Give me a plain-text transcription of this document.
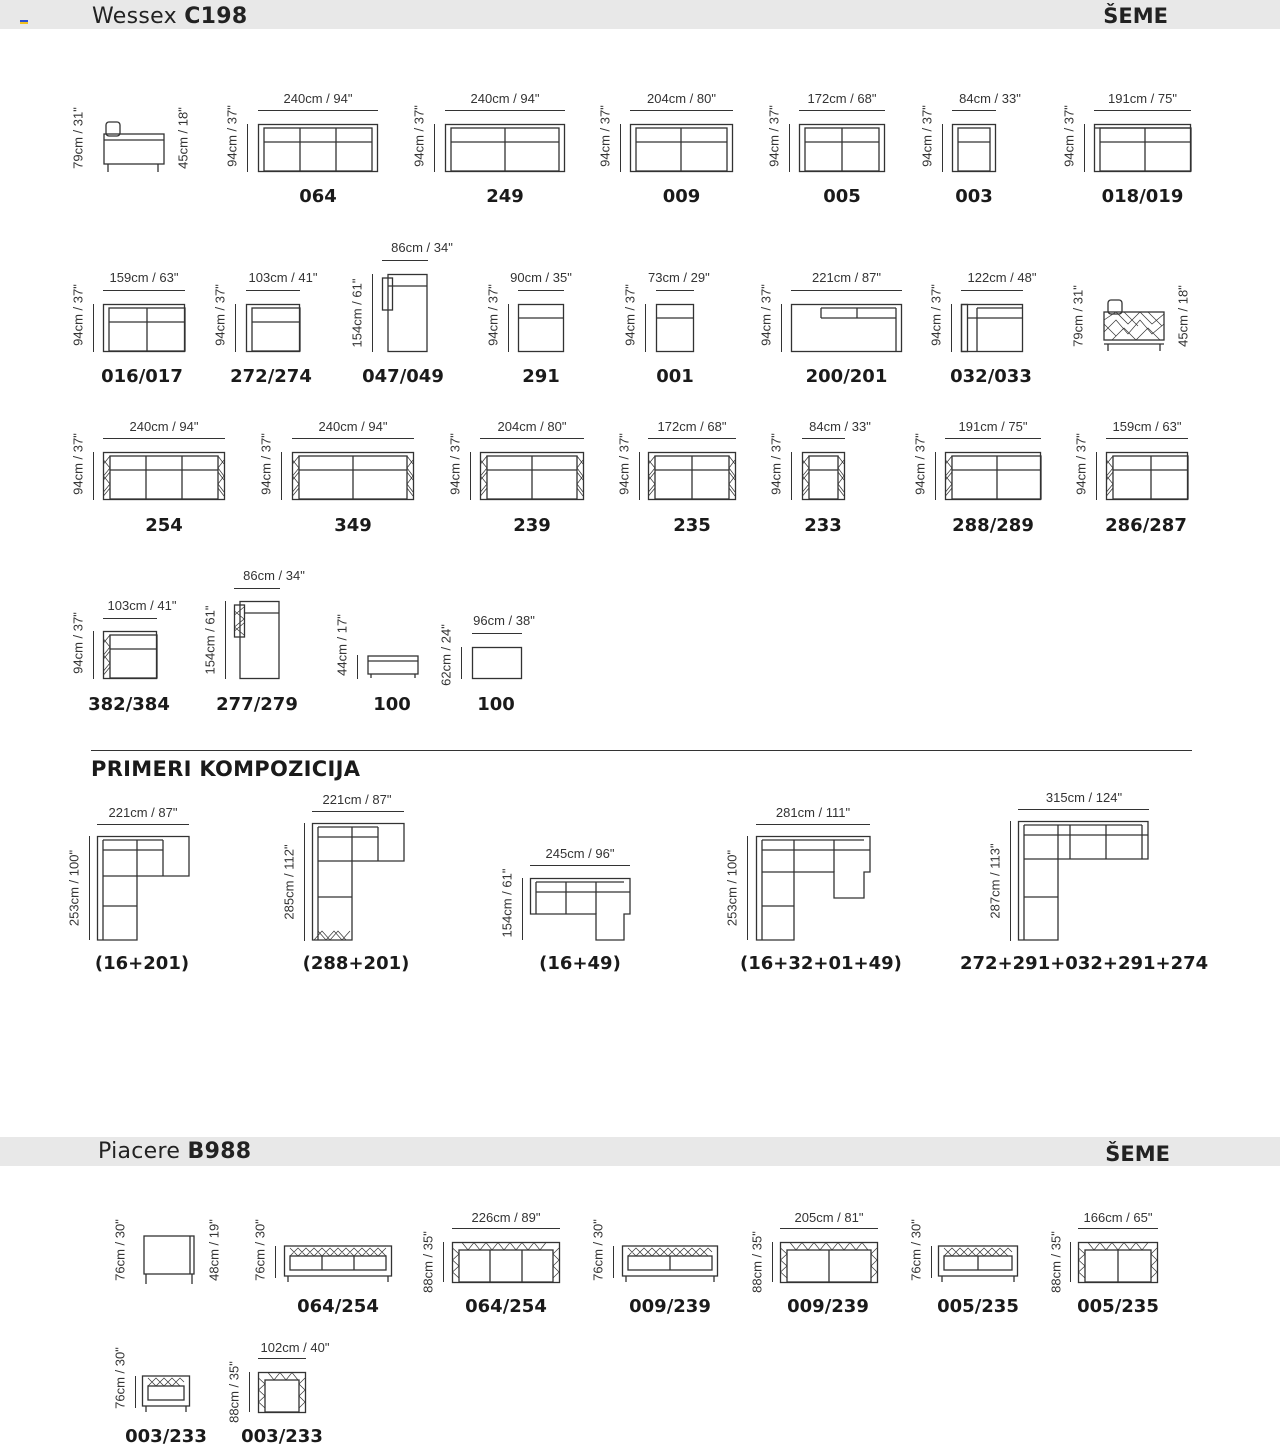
Wessex C198	ŠEME
79cm / 31"	45cm / 18"
240cm / 94"
94cm / 37"
064
240cm / 94"
94cm / 37"
249
204cm / 80"
94cm / 37"
009
172cm / 68"
94cm / 37"
005
84cm / 33"
94cm / 37"
003
191cm / 75"
94cm / 37"
018/019
159cm / 63"
94cm / 37"
016/017
103cm / 41"
94cm / 37"
272/274
86cm / 34"
154cm / 61"
047/049
90cm / 35"
94cm / 37"
291
73cm / 29"
94cm / 37"
001
221cm / 87"
94cm / 37"
200/201
122cm / 48"
94cm / 37"
032/033
79cm / 31"	45cm / 18"
240cm / 94"
94cm / 37"
254
240cm / 94"
94cm / 37"
349
204cm / 80"
94cm / 37"
239
172cm / 68"
94cm / 37"
235
84cm / 33"
94cm / 37"
233
191cm / 75"
94cm / 37"
288/289
159cm / 63"
94cm / 37"
286/287
103cm / 41"
94cm / 37"
382/384
86cm / 34"
154cm / 61"
277/279
44cm / 17"
100
96cm / 38"
62cm / 24"
100
PRIMERI KOMPOZICIJA
221cm / 87"
253cm / 100"
(16+201)
221cm / 87"
285cm / 112"
(288+201)
245cm / 96"
154cm / 61"
(16+49)
281cm / 111"
253cm / 100"
(16+32+01+49)
315cm / 124"
287cm / 113"
272+291+032+291+274
Piacere B988	ŠEME
76cm / 30"	48cm / 19" 76cm / 30"
064/254
226cm / 89"
88cm / 35"
064/254
76cm / 30"
009/239
205cm / 81"
88cm / 35"
009/239
76cm / 30"
005/235
166cm / 65"
88cm / 35"
005/235
76cm / 30"
003/233
102cm / 40"
88cm / 35"
003/233
